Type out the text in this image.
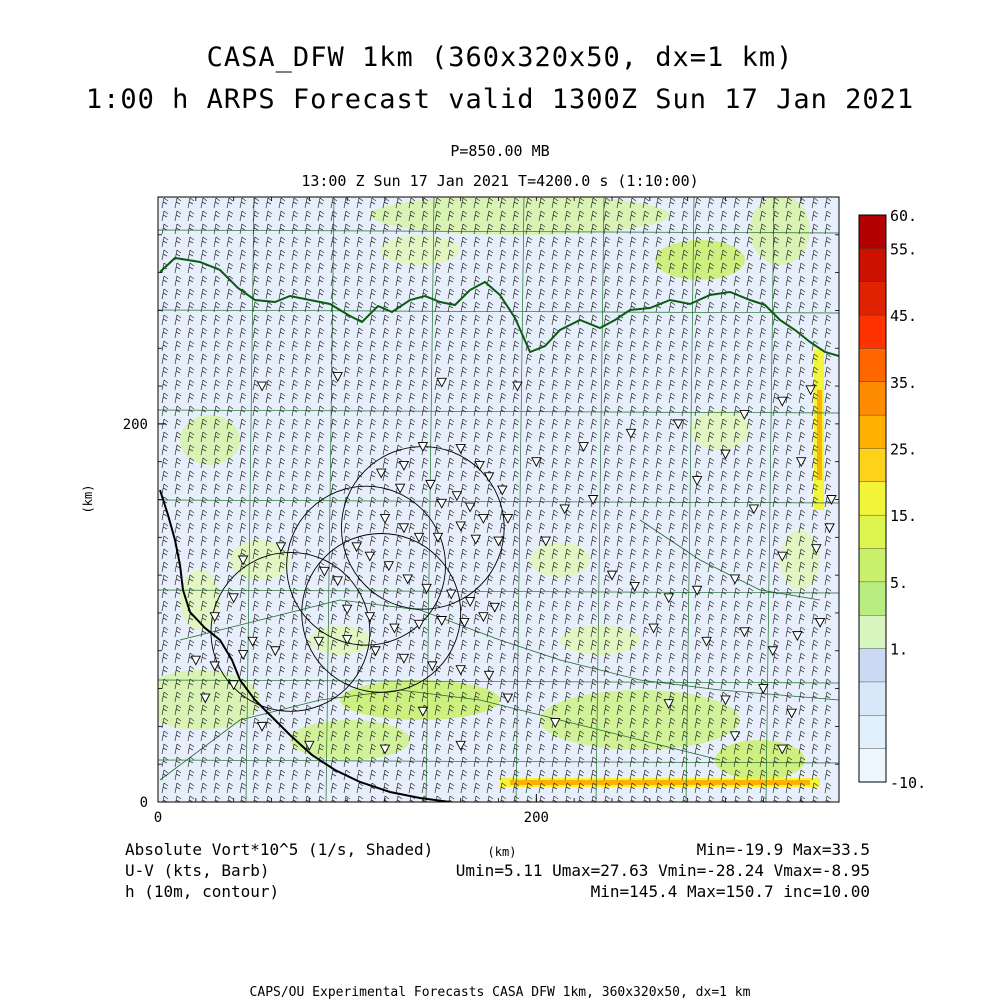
0	200
0
200
(km)
(km)
60.
55.
45.
35.
25.
15.
5.
1.
-10.
CASA_DFW 1km (360x320x50, dx=1 km)
1:00 h ARPS Forecast valid 1300Z Sun 17 Jan 2021
P=850.00 MB
13:00 Z Sun 17 Jan 2021 T=4200.0 s (1:10:00)
Absolute Vort*10^5 (1/s, Shaded)	Min=-19.9 Max=33.5
U-V (kts, Barb)	Umin=5.11 Umax=27.63 Vmin=-28.24 Vmax=-8.95
h (10m, contour)	Min=145.4 Max=150.7 inc=10.00
CAPS/OU Experimental Forecasts CASA DFW 1km, 360x320x50, dx=1 km
